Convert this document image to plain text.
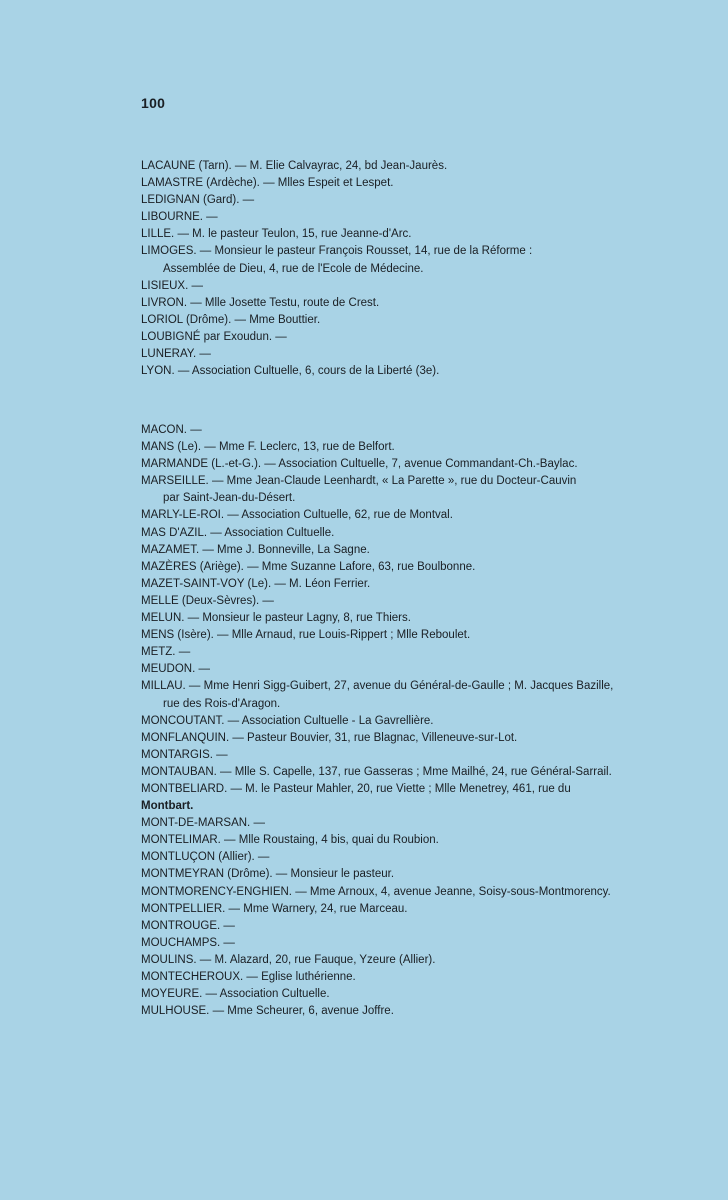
100
LACAUNE (Tarn). — M. Elie Calvayrac, 24, bd Jean-Jaurès.
LAMASTRE (Ardèche). — Mlles Espeit et Lespet.
LEDIGNAN (Gard). —
LIBOURNE. —
LILLE. — M. le pasteur Teulon, 15, rue Jeanne-d'Arc.
LIMOGES. — Monsieur le pasteur François Rousset, 14, rue de la Réforme :
Assemblée de Dieu, 4, rue de l'Ecole de Médecine.
LISIEUX. —
LIVRON. — Mlle Josette Testu, route de Crest.
LORIOL (Drôme). — Mme Bouttier.
LOUBIGNÉ par Exoudun. —
LUNERAY. —
LYON. — Association Cultuelle, 6, cours de la Liberté (3e).
MACON. —
MANS (Le). — Mme F. Leclerc, 13, rue de Belfort.
MARMANDE (L.-et-G.). — Association Cultuelle, 7, avenue Commandant-Ch.-Baylac.
MARSEILLE. — Mme Jean-Claude Leenhardt, « La Parette », rue du Docteur-Cauvin
par Saint-Jean-du-Désert.
MARLY-LE-ROI. — Association Cultuelle, 62, rue de Montval.
MAS D'AZIL. — Association Cultuelle.
MAZAMET. — Mme J. Bonneville, La Sagne.
MAZÈRES (Ariège). — Mme Suzanne Lafore, 63, rue Boulbonne.
MAZET-SAINT-VOY (Le). — M. Léon Ferrier.
MELLE (Deux-Sèvres). —
MELUN. — Monsieur le pasteur Lagny, 8, rue Thiers.
MENS (Isère). — Mlle Arnaud, rue Louis-Rippert ; Mlle Reboulet.
METZ. —
MEUDON. —
MILLAU. — Mme Henri Sigg-Guibert, 27, avenue du Général-de-Gaulle ; M. Jacques Bazille,
rue des Rois-d'Aragon.
MONCOUTANT. — Association Cultuelle - La Gavrellière.
MONFLANQUIN. — Pasteur Bouvier, 31, rue Blagnac, Villeneuve-sur-Lot.
MONTARGIS. —
MONTAUBAN. — Mlle S. Capelle, 137, rue Gasseras ; Mme Mailhé, 24, rue Général-Sarrail.
MONTBELIARD. — M. le Pasteur Mahler, 20, rue Viette ; Mlle Menetrey, 461, rue du
Montbart.
MONT-DE-MARSAN. —
MONTELIMAR. — Mlle Roustaing, 4 bis, quai du Roubion.
MONTLUÇON (Allier). —
MONTMEYRAN (Drôme). — Monsieur le pasteur.
MONTMORENCY-ENGHIEN. — Mme Arnoux, 4, avenue Jeanne, Soisy-sous-Montmorency.
MONTPELLIER. — Mme Warnery, 24, rue Marceau.
MONTROUGE. —
MOUCHAMPS. —
MOULINS. — M. Alazard, 20, rue Fauque, Yzeure (Allier).
MONTECHEROUX. — Eglise luthérienne.
MOYEURE. — Association Cultuelle.
MULHOUSE. — Mme Scheurer, 6, avenue Joffre.
